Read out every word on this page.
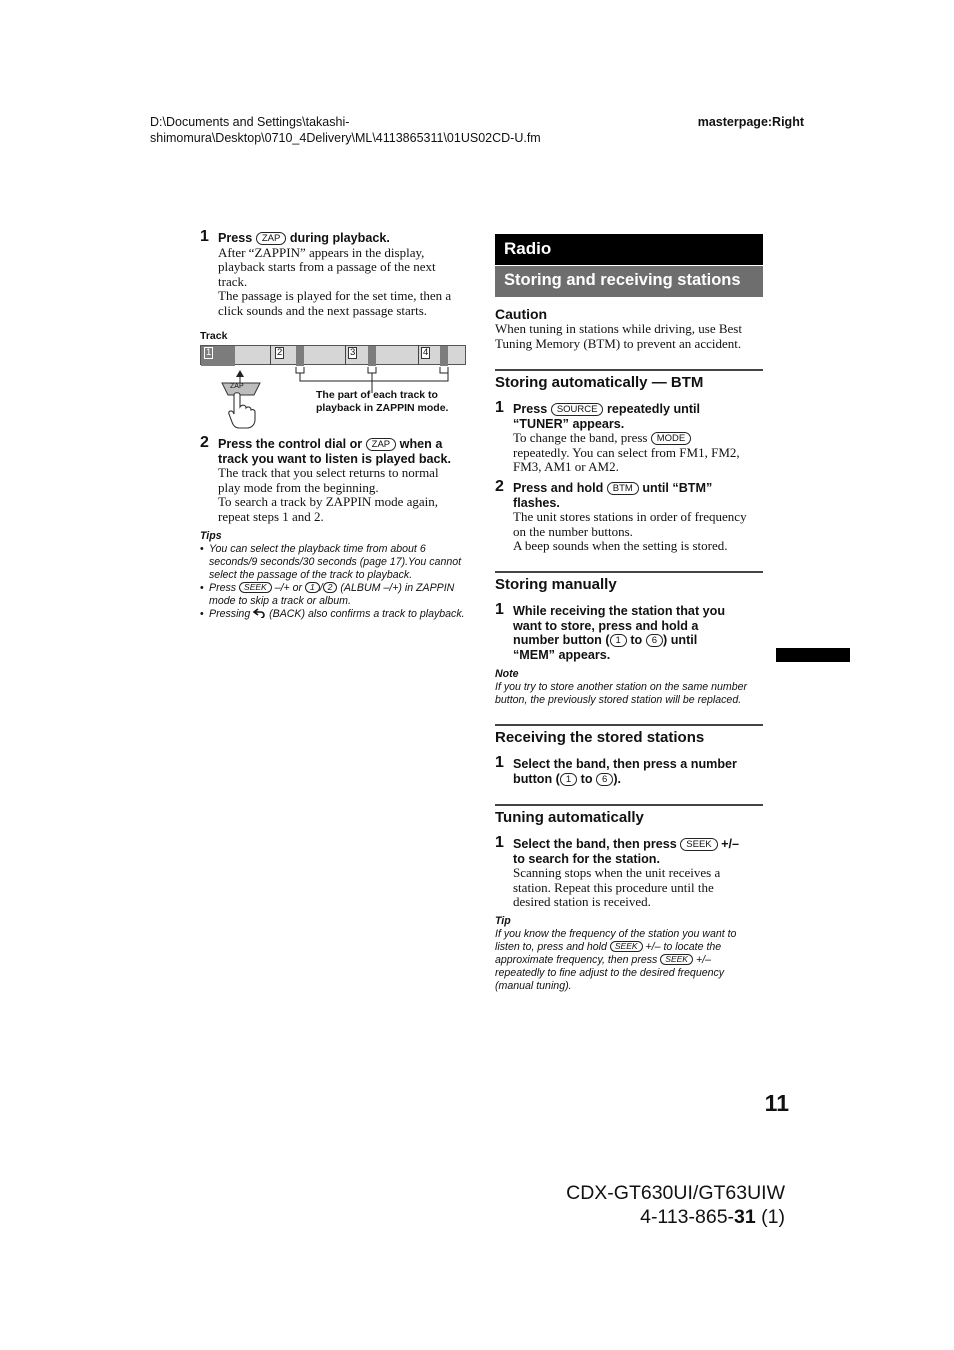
D:\Documents and Settings\takashi-
shimomura\Desktop\0710_4Delivery\ML\4113865311\01US02CD-U.fm
masterpage:Right
1 Press ZAP during playback.
After “ZAPPIN” appears in the display,
playback starts from a passage of the next
track.
The passage is played for the set time, then a
click sounds and the next passage starts.
Track
1	2	3	4
ZAP
The part of each track to
playback in ZAPPIN mode.
2 Press the control dial or ZAP when a
track you want to listen is played back.
The track that you select returns to normal
play mode from the beginning.
To search a track by ZAPPIN mode again,
repeat steps 1 and 2.
Tips
• You can select the playback time from about 6 seconds/9 seconds/30 seconds (page 17).You cannot select the passage of the track to playback.
• Press SEEK –/+ or 1 / 2 (ALBUM –/+) in ZAPPIN mode to skip a track or album.
• Pressing (BACK) also confirms a track to playback.
Radio
Storing and receiving stations
Caution
When tuning in stations while driving, use Best
Tuning Memory (BTM) to prevent an accident.
Storing automatically — BTM
1 Press SOURCE repeatedly until
“TUNER” appears.
To change the band, press MODE
repeatedly. You can select from FM1, FM2,
FM3, AM1 or AM2.
2 Press and hold BTM until “BTM”
flashes.
The unit stores stations in order of frequency
on the number buttons.
A beep sounds when the setting is stored.
Storing manually
1 While receiving the station that you
want to store, press and hold a
number button ( 1 to 6 ) until
“MEM” appears.
Note
If you try to store another station on the same number button, the previously stored station will be replaced.
Receiving the stored stations
1 Select the band, then press a number
button ( 1 to 6 ).
Tuning automatically
1 Select the band, then press SEEK +/–
to search for the station.
Scanning stops when the unit receives a
station. Repeat this procedure until the
desired station is received.
Tip
If you know the frequency of the station you want to listen to, press and hold SEEK +/– to locate the approximate frequency, then press SEEK +/– repeatedly to fine adjust to the desired frequency (manual tuning).
11
CDX-GT630UI/GT63UIW
4-113-865-31 (1)
